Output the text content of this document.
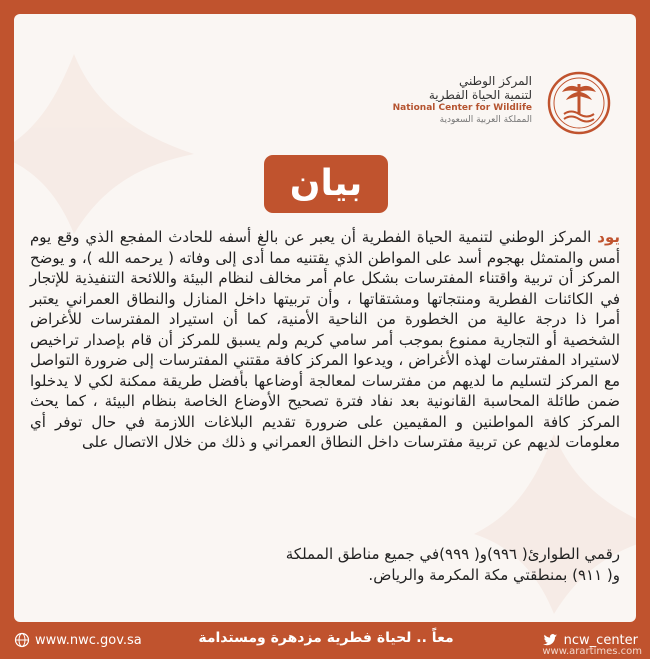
المركز الوطني
لتنمية الحياة الفطرية
National Center for Wildlife
المملكة العربية السعودية
بيان

يود المركز الوطني لتنمية الحياة الفطرية أن يعبر عن بالغ أسفه للحادث المفجع الذي وقع يوم أمس والمتمثل بهجوم أسد على المواطن الذي يقتنيه مما أدى إلى وفاته ( يرحمه الله )، و يوضح المركز أن تربية واقتناء المفترسات بشكل عام أمر مخالف لنظام البيئة واللائحة التنفيذية للإتجار في الكائنات الفطرية ومنتجاتها ومشتقاتها ، وأن تربيتها داخل المنازل والنطاق العمراني يعتبر أمرا ذا درجة عالية من الخطورة من الناحية الأمنية، كما أن استيراد المفترسات للأغراض الشخصية أو التجارية ممنوع بموجب أمر سامي كريم ولم يسبق للمركز أن قام بإصدار تراخيص لاستيراد المفترسات لهذه الأغراض ، ويدعوا المركز كافة مقتني المفترسات إلى ضرورة التواصل مع المركز لتسليم ما لديهم من مفترسات لمعالجة أوضاعها بأفضل طريقة ممكنة لكي لا يدخلوا ضمن طائلة المحاسبة القانونية بعد نفاد فترة تصحيح الأوضاع الخاصة بنظام البيئة ، كما يحث المركز كافة المواطنين و المقيمين على ضرورة تقديم البلاغات اللازمة في حال توفر أي معلومات لديهم عن تربية مفترسات داخل النطاق العمراني و ذلك من خلال الاتصال على

رقمي الطوارئ( ٩٩٦)و( ٩٩٩)في جميع مناطق المملكة
و( ٩١١) بمنطقتي مكة المكرمة والرياض.
www.nwc.gov.sa	معاً .. لحياة فطرية مزدهرة ومستدامة	ncw_center
www.arartimes.com
